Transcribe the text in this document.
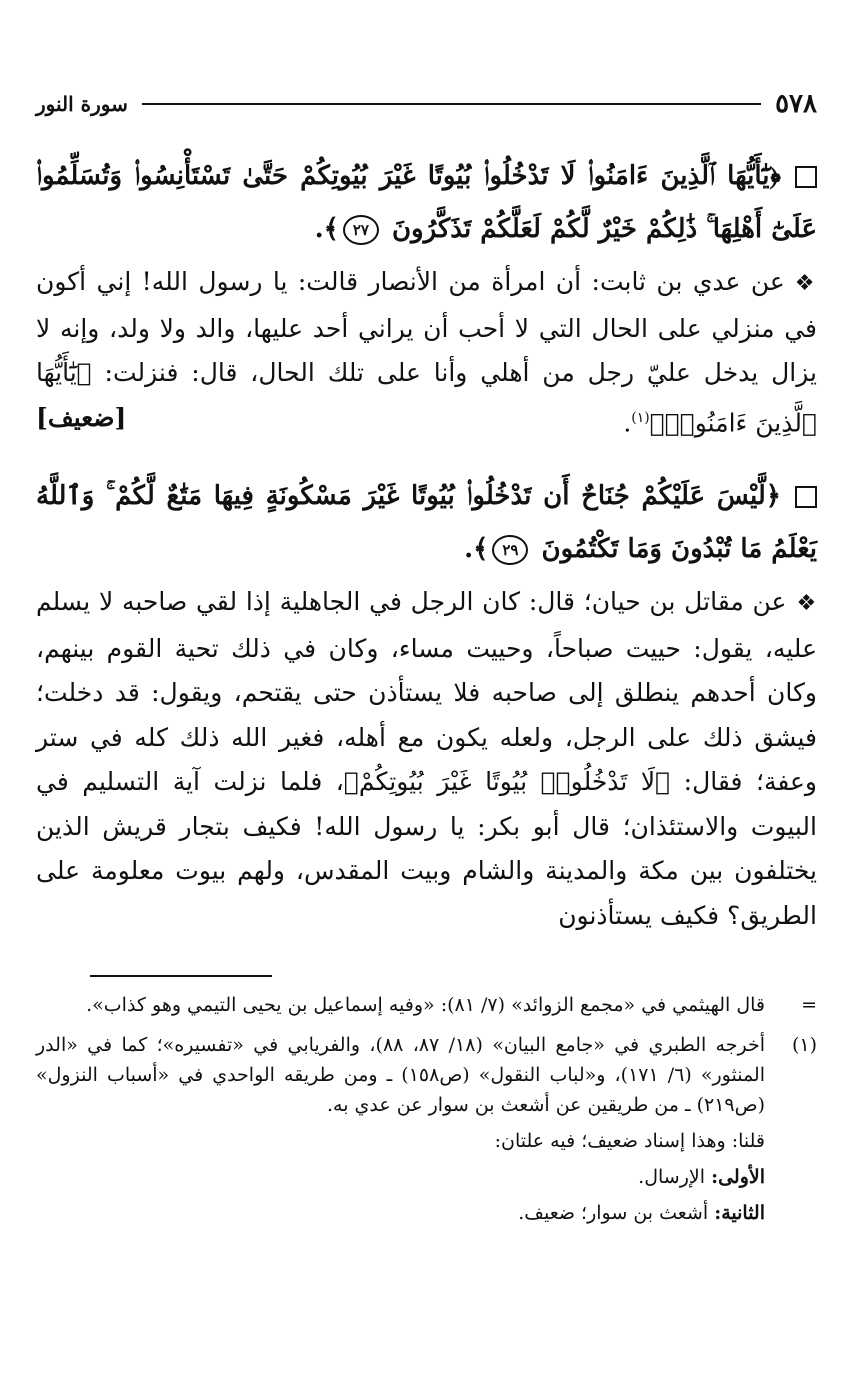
٥٧٨
سورة النور

﴿يَٰٓأَيُّهَا ٱلَّذِينَ ءَامَنُوا۟ لَا تَدْخُلُوا۟ بُيُوتًا غَيْرَ بُيُوتِكُمْ حَتَّىٰ تَسْتَأْنِسُوا۟ وَتُسَلِّمُوا۟ عَلَىٰٓ أَهْلِهَا ۚ ذَٰلِكُمْ خَيْرٌ لَّكُمْ لَعَلَّكُمْ تَذَكَّرُونَ ٢٧﴾.

❖عن عدي بن ثابت: أن امرأة من الأنصار قالت: يا رسول الله! إني أكون في منزلي على الحال التي لا أحب أن يراني أحد عليها، والد ولا ولد، وإنه لا يزال يدخل عليّ رجل من أهلي وأنا على تلك الحال، قال: فنزلت: ﴿يَٰٓأَيُّهَا ٱلَّذِينَ ءَامَنُوا۟﴾$^{(١)}$.
[ضعيف]

﴿لَّيْسَ عَلَيْكُمْ جُنَاحٌ أَن تَدْخُلُوا۟ بُيُوتًا غَيْرَ مَسْكُونَةٍ فِيهَا مَتَٰعٌ لَّكُمْ ۚ وَٱللَّهُ يَعْلَمُ مَا تُبْدُونَ وَمَا تَكْتُمُونَ ٢٩﴾.

❖عن مقاتل بن حيان؛ قال: كان الرجل في الجاهلية إذا لقي صاحبه لا يسلم عليه، يقول: حييت صباحاً، وحييت مساء، وكان في ذلك تحية القوم بينهم، وكان أحدهم ينطلق إلى صاحبه فلا يستأذن حتى يقتحم، ويقول: قد دخلت؛ فيشق ذلك على الرجل، ولعله يكون مع أهله، فغير الله ذلك كله في ستر وعفة؛ فقال: ﴿لَا تَدْخُلُوا۟ بُيُوتًا غَيْرَ بُيُوتِكُمْ﴾، فلما نزلت آية التسليم في البيوت والاستئذان؛ قال أبو بكر: يا رسول الله! فكيف بتجار قريش الذين يختلفون بين مكة والمدينة والشام وبيت المقدس، ولهم بيوت معلومة على الطريق؟ فكيف يستأذنون

=

قال الهيثمي في «مجمع الزوائد» (٧/ ٨١): «وفيه إسماعيل بن يحيى التيمي وهو كذاب».

(١)

أخرجه الطبري في «جامع البيان» (١٨/ ٨٧، ٨٨)، والفريابي في «تفسيره»؛ كما في «الدر المنثور» (٦/ ١٧١)، و«لباب النقول» (ص١٥٨) ـ ومن طريقه الواحدي في «أسباب النزول» (ص٢١٩) ـ من طريقين عن أشعث بن سوار عن عدي به.

قلنا: وهذا إسناد ضعيف؛ فيه علتان:

الأولى: الإرسال.

الثانية: أشعث بن سوار؛ ضعيف.
